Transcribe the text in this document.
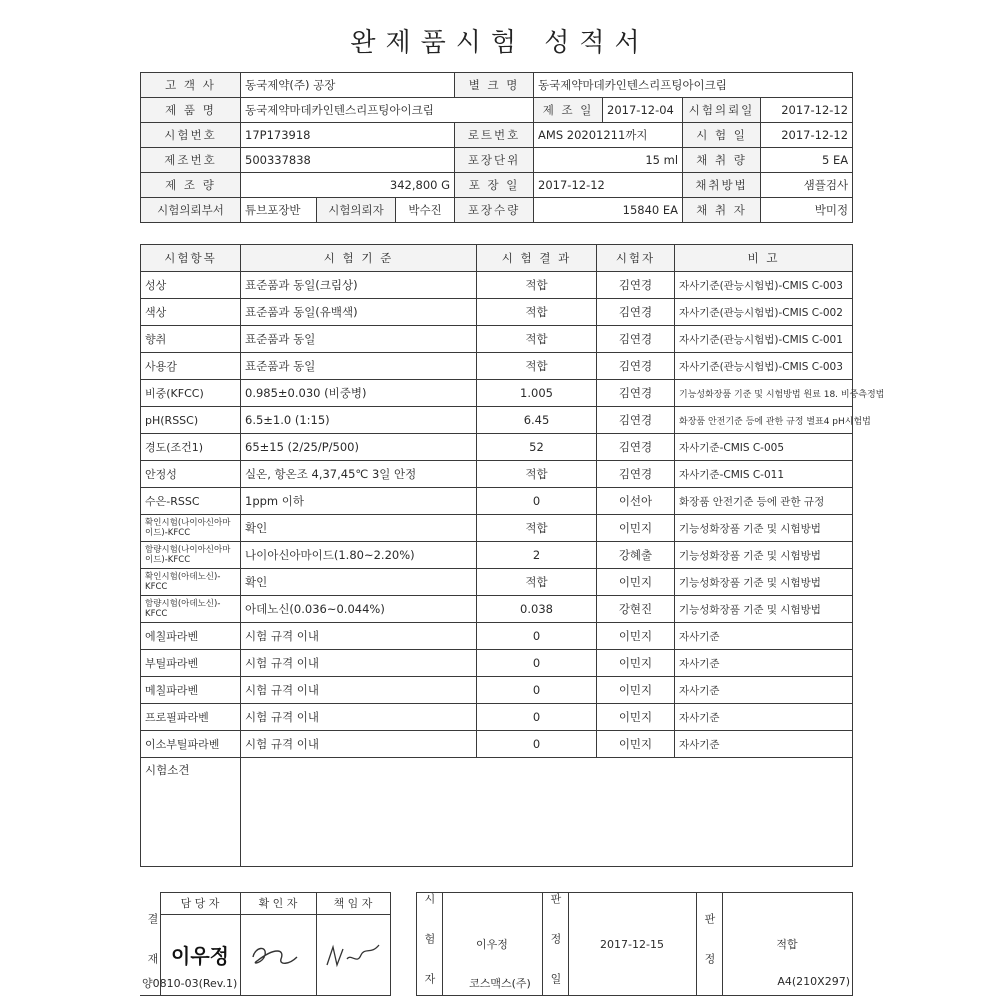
완제품시험 성적서
고 객 사	동국제약(주) 공장			별 크 명	동국제약마데카인텐스리프팅아이크림			
제 품 명	동국제약마데카인텐스리프팅아이크림				제 조 일	2017-12-04	시험의뢰일	2017-12-12
시험번호	17P173918			로트번호	AMS 20201211까지		시 험 일	2017-12-12
제조번호	500337838			포장단위	15 ml		채 취 량	5 EA
제 조 량	342,800 G			포 장 일	2017-12-12		채취방법	샘플검사
시험의뢰부서	튜브포장반	시험의뢰자	박수진	포장수량	15840 EA		채 취 자	박미정
시험항목	시 험 기 준	시 험 결 과	시험자	비 고
성상	표준품과 동일(크림상)	적합	김연경	자사기준(관능시험법)-CMIS C-003
색상	표준품과 동일(유백색)	적합	김연경	자사기준(관능시험법)-CMIS C-002
향취	표준품과 동일	적합	김연경	자사기준(관능시험법)-CMIS C-001
사용감	표준품과 동일	적합	김연경	자사기준(관능시험법)-CMIS C-003
비중(KFCC)	0.985±0.030 (비중병)	1.005	김연경	기능성화장품 기준 및 시험방법 원료 18. 비중측정법
pH(RSSC)	6.5±1.0 (1:15)	6.45	김연경	화장품 안전기준 등에 관한 규정 별표4 pH시험법
경도(조건1)	65±15 (2/25/P/500)	52	김연경	자사기준-CMIS C-005
안정성	실온, 항온조 4,37,45℃ 3일 안정	적합	김연경	자사기준-CMIS C-011
수은-RSSC	1ppm 이하	0	이선아	화장품 안전기준 등에 관한 규정
확인시험(나이아신아마이드)-KFCC	확인	적합	이민지	기능성화장품 기준 및 시험방법
함량시험(나이아신아마이드)-KFCC	나이아신아마이드(1.80~2.20%)	2	강혜출	기능성화장품 기준 및 시험방법
확인시험(아데노신)-KFCC	확인	적합	이민지	기능성화장품 기준 및 시험방법
함량시험(아데노신)-KFCC	아데노신(0.036~0.044%)	0.038	강현진	기능성화장품 기준 및 시험방법
에칠파라벤	시험 규격 이내	0	이민지	자사기준
부틸파라벤	시험 규격 이내	0	이민지	자사기준
메칠파라벤	시험 규격 이내	0	이민지	자사기준
프로필파라벤	시험 규격 이내	0	이민지	자사기준
이소부틸파라벤	시험 규격 이내	0	이민지	자사기준
시험소견				
결 재	담 당 자	확 인 자	책 임 자		시 험 자	이우정	판 정 일	2017-12-15	판 정	적합
	이우정	

양0810-03(Rev.1)	코스맥스(주)	A4(210X297)
